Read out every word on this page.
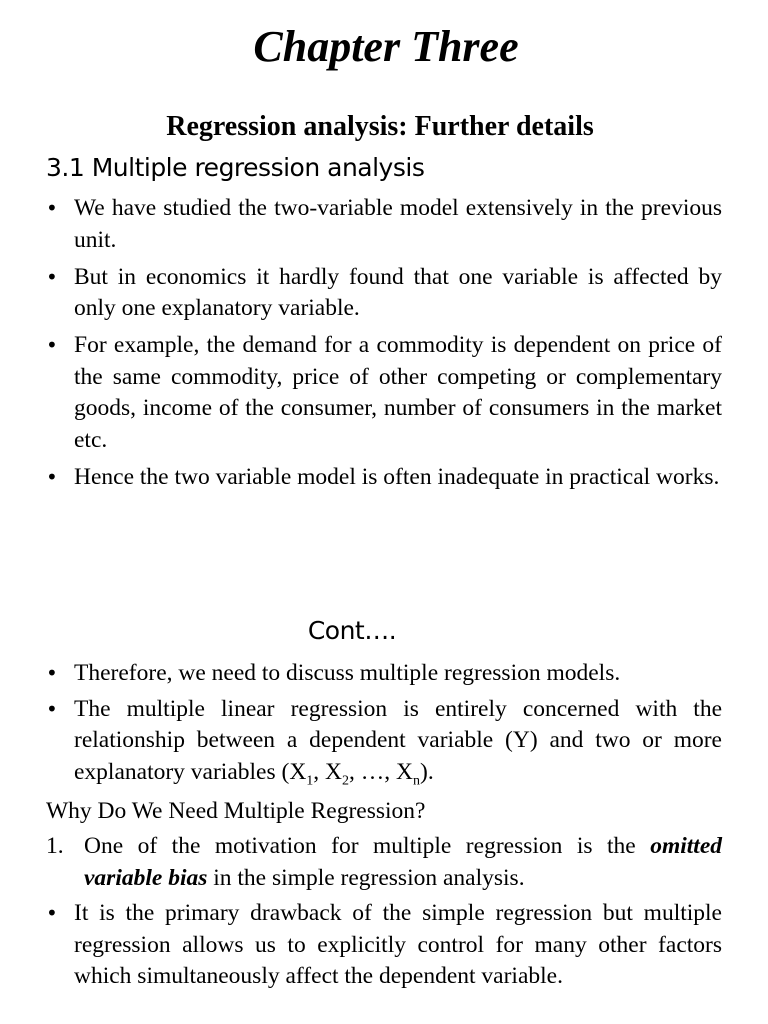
Chapter Three
Regression analysis: Further details
3.1 Multiple regression analysis
• We have studied the two-variable model extensively in the previous unit.
• But in economics it hardly found that one variable is affected by only one explanatory variable.
• For example, the demand for a commodity is dependent on price of the same commodity, price of other competing or complementary goods, income of the consumer, number of consumers in the market etc.
• Hence the two variable model is often inadequate in practical works.
Cont….
• Therefore, we need to discuss multiple regression models.
• The multiple linear regression is entirely concerned with the relationship between a dependent variable (Y) and two or more explanatory variables ($X_1$, $X_2$, …, $X_n$).
Why Do We Need Multiple Regression?
1. One of the motivation for multiple regression is the omitted variable bias in the simple regression analysis.
• It is the primary drawback of the simple regression but multiple regression allows us to explicitly control for many other factors which simultaneously affect the dependent variable.
